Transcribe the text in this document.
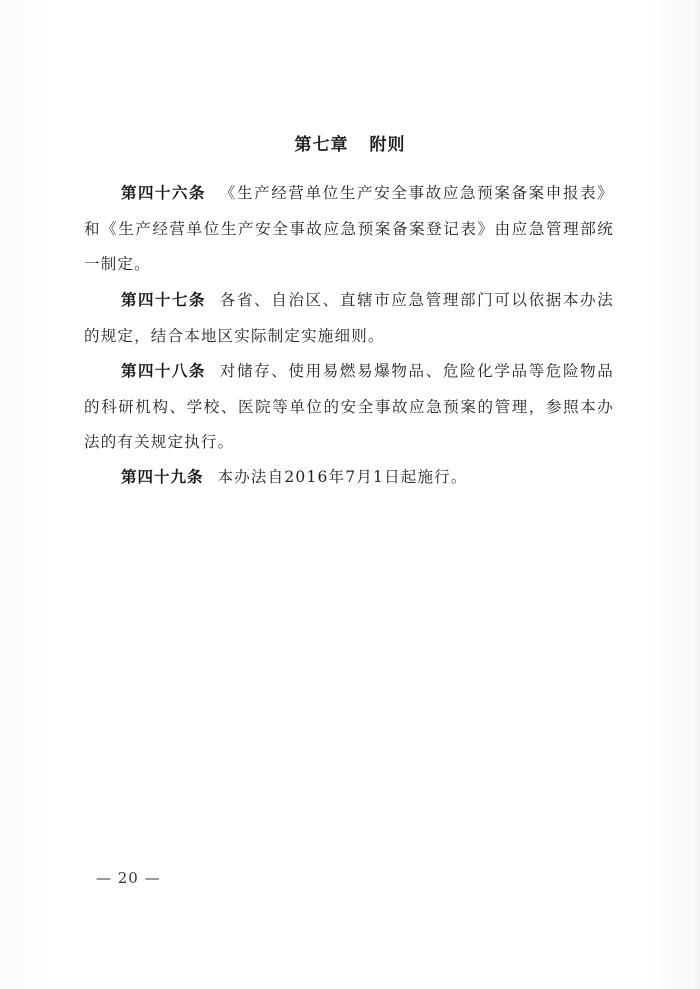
第七章 附则

第四十六条 《生产经营单位生产安全事故应急预案备案申报表》和《生产经营单位生产安全事故应急预案备案登记表》由应急管理部统一制定。

第四十七条 各省、自治区、直辖市应急管理部门可以依据本办法的规定，结合本地区实际制定实施细则。

第四十八条 对储存、使用易燃易爆物品、危险化学品等危险物品的科研机构、学校、医院等单位的安全事故应急预案的管理，参照本办法的有关规定执行。

第四十九条 本办法自2016年7月1日起施行。

— 20 —
